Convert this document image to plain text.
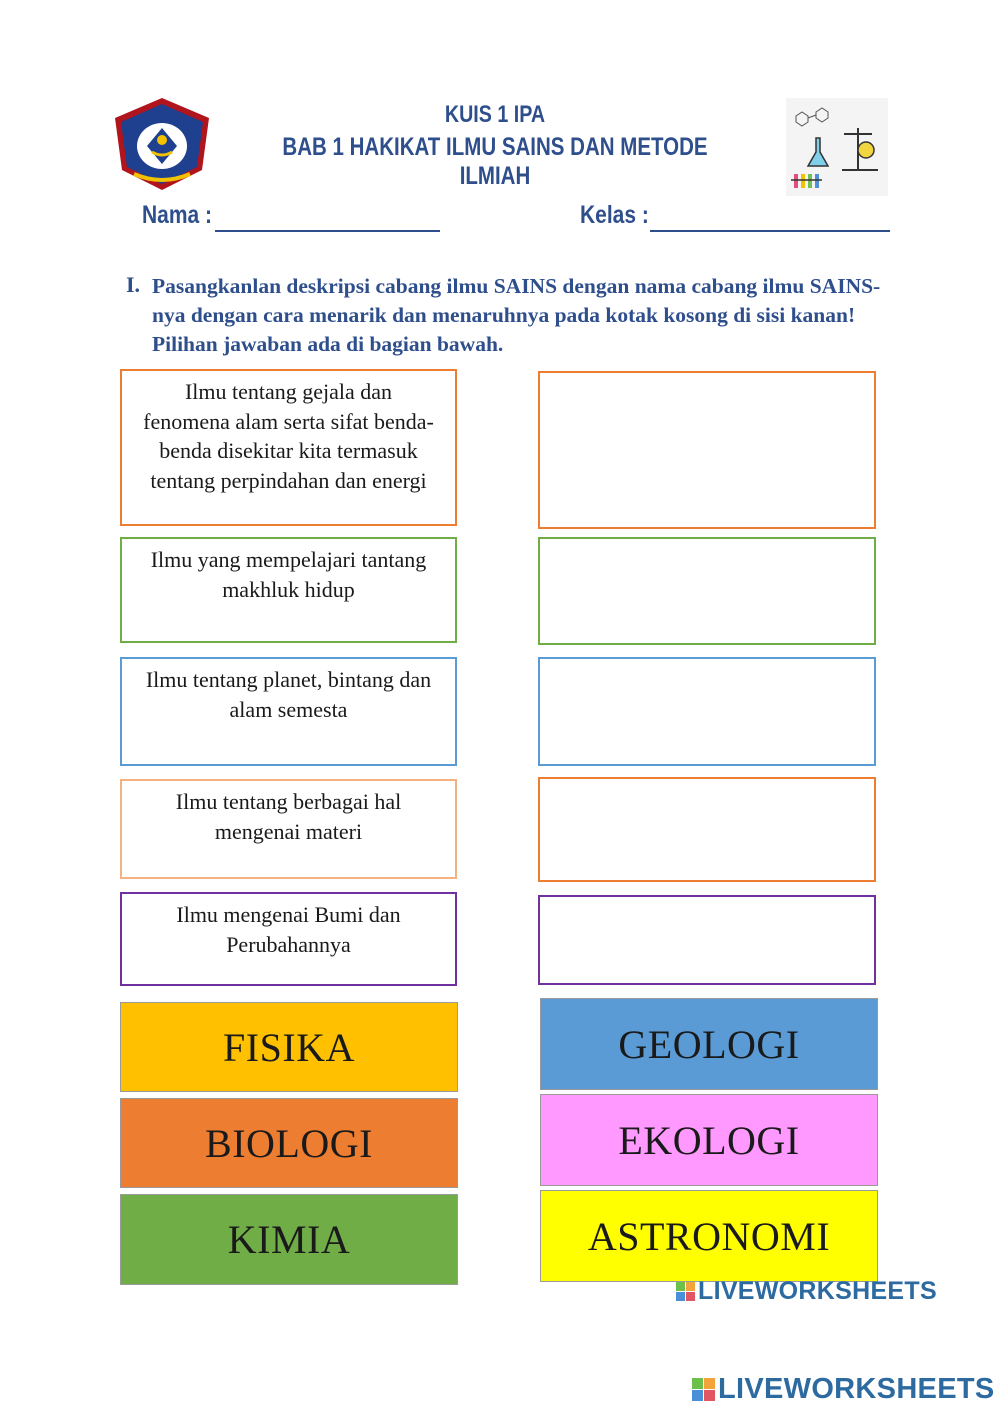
KUIS 1 IPA
BAB 1 HAKIKAT ILMU SAINS DAN METODE ILMIAH
Nama :	Kelas :
I. Pasangkanlan deskripsi cabang ilmu SAINS dengan nama cabang ilmu SAINS-nya dengan cara menarik dan menaruhnya pada kotak kosong di sisi kanan! Pilihan jawaban ada di bagian bawah.
Ilmu tentang gejala dan fenomena alam serta sifat benda-benda disekitar kita termasuk tentang perpindahan dan energi
Ilmu yang mempelajari tantang makhluk hidup
Ilmu tentang planet, bintang dan alam semesta
Ilmu tentang berbagai hal mengenai materi
Ilmu mengenai Bumi dan Perubahannya
FISIKA	GEOLOGI
BIOLOGI	EKOLOGI
KIMIA	ASTRONOMI
LIVEWORKSHEETS
LIVEWORKSHEETS
